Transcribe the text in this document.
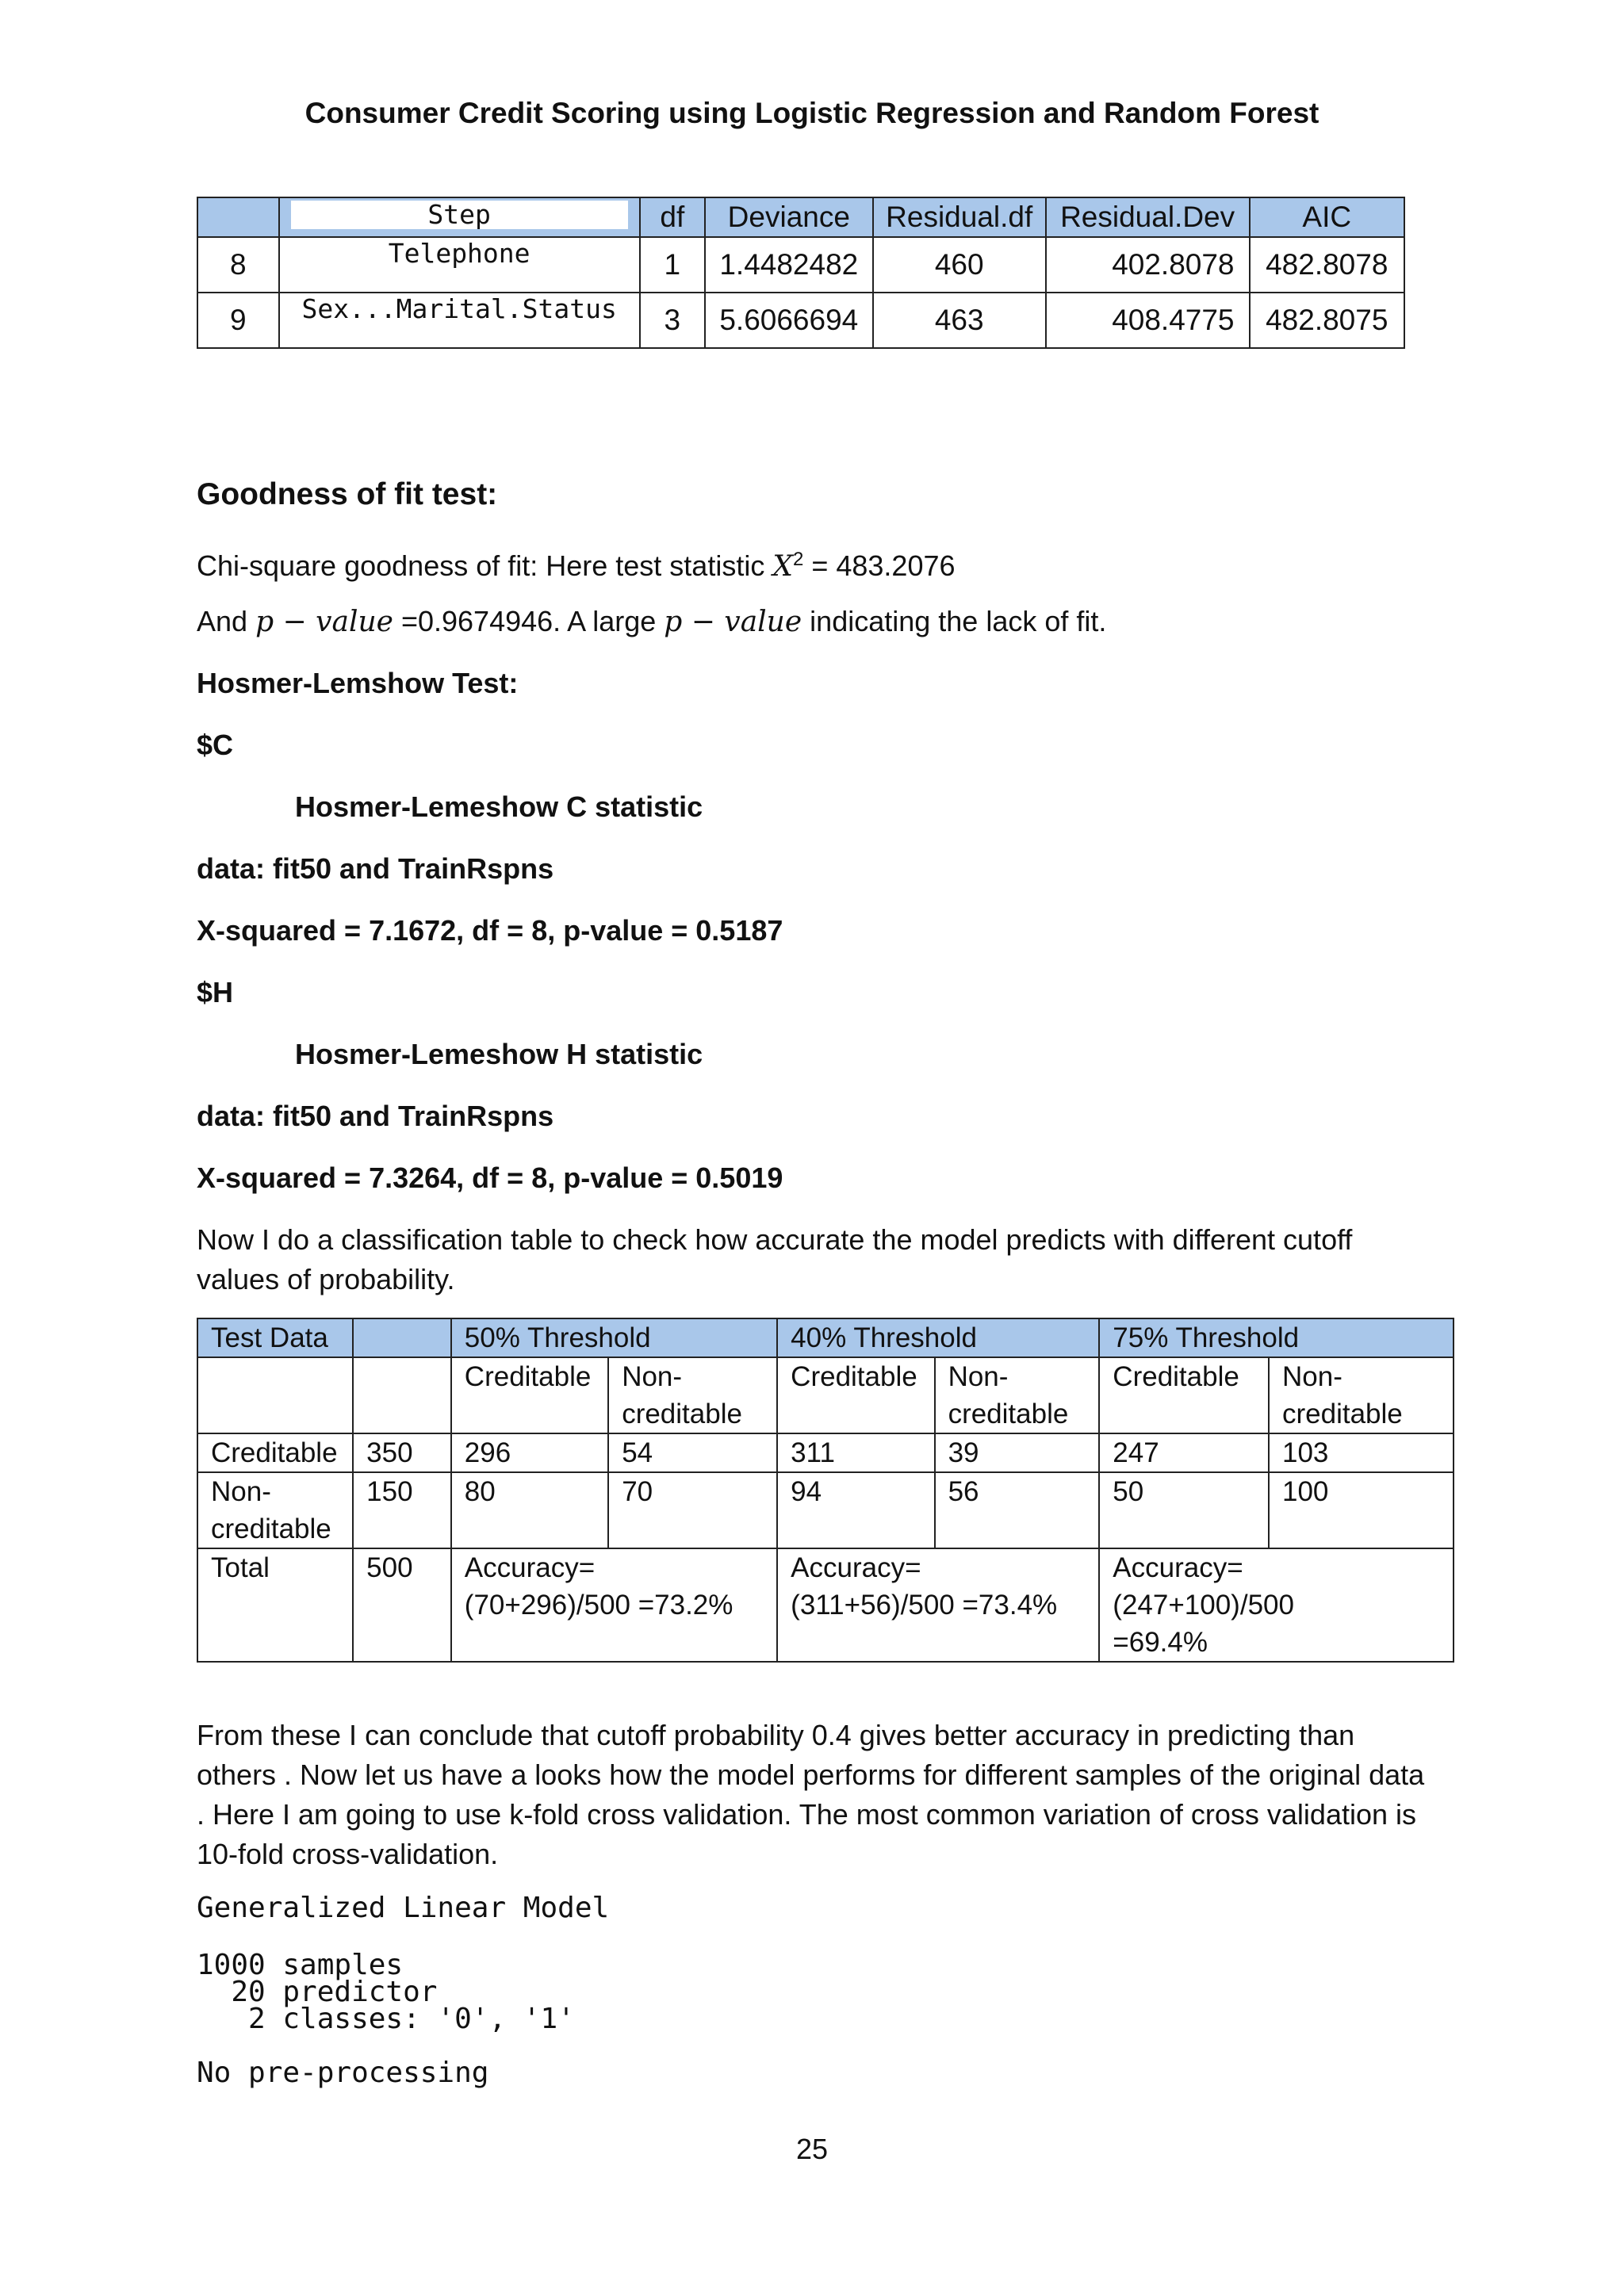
Consumer Credit Scoring using Logistic Regression and Random Forest

	Step	df	Deviance	Residual.df	Residual.Dev	AIC
8	Telephone	1	1.4482482	460	402.8078	482.8078
9	Sex...Marital.Status	3	5.6066694	463	408.4775	482.8075
Goodness of fit test:
Chi-square goodness of fit: Here test statistic $X^2 = 483.2076$
And p − value =0.9674946. A large p − value indicating the lack of fit.
Hosmer-Lemshow Test:
$C
Hosmer-Lemeshow C statistic
data: fit50 and TrainRspns
X-squared = 7.1672, df = 8, p-value = 0.5187
$H
Hosmer-Lemeshow H statistic
data: fit50 and TrainRspns
X-squared = 7.3264, df = 8, p-value = 0.5019
Now I do a classification table to check how accurate the model predicts with different cutoff values of probability.
Test Data		50% Threshold		40% Threshold		75% Threshold	
		Creditable	Non-creditable	Creditable	Non-creditable	Creditable	Non-creditable
Creditable	350	296	54	311	39	247	103
Non-creditable	150	80	70	94	56	50	100
Total	500	Accuracy= (70+296)/500 =73.2%		Accuracy= (311+56)/500 =73.4%		Accuracy= (247+100)/500 =69.4%	
From these I can conclude that cutoff probability 0.4 gives better accuracy in predicting than others . Now let us have a looks how the model performs for different samples of the original data . Here I am going to use k-fold cross validation. The most common variation of cross validation is 10-fold cross-validation.
Generalized Linear Model
1000 samples
20 predictor
2 classes: '0', '1'
No pre-processing
25
